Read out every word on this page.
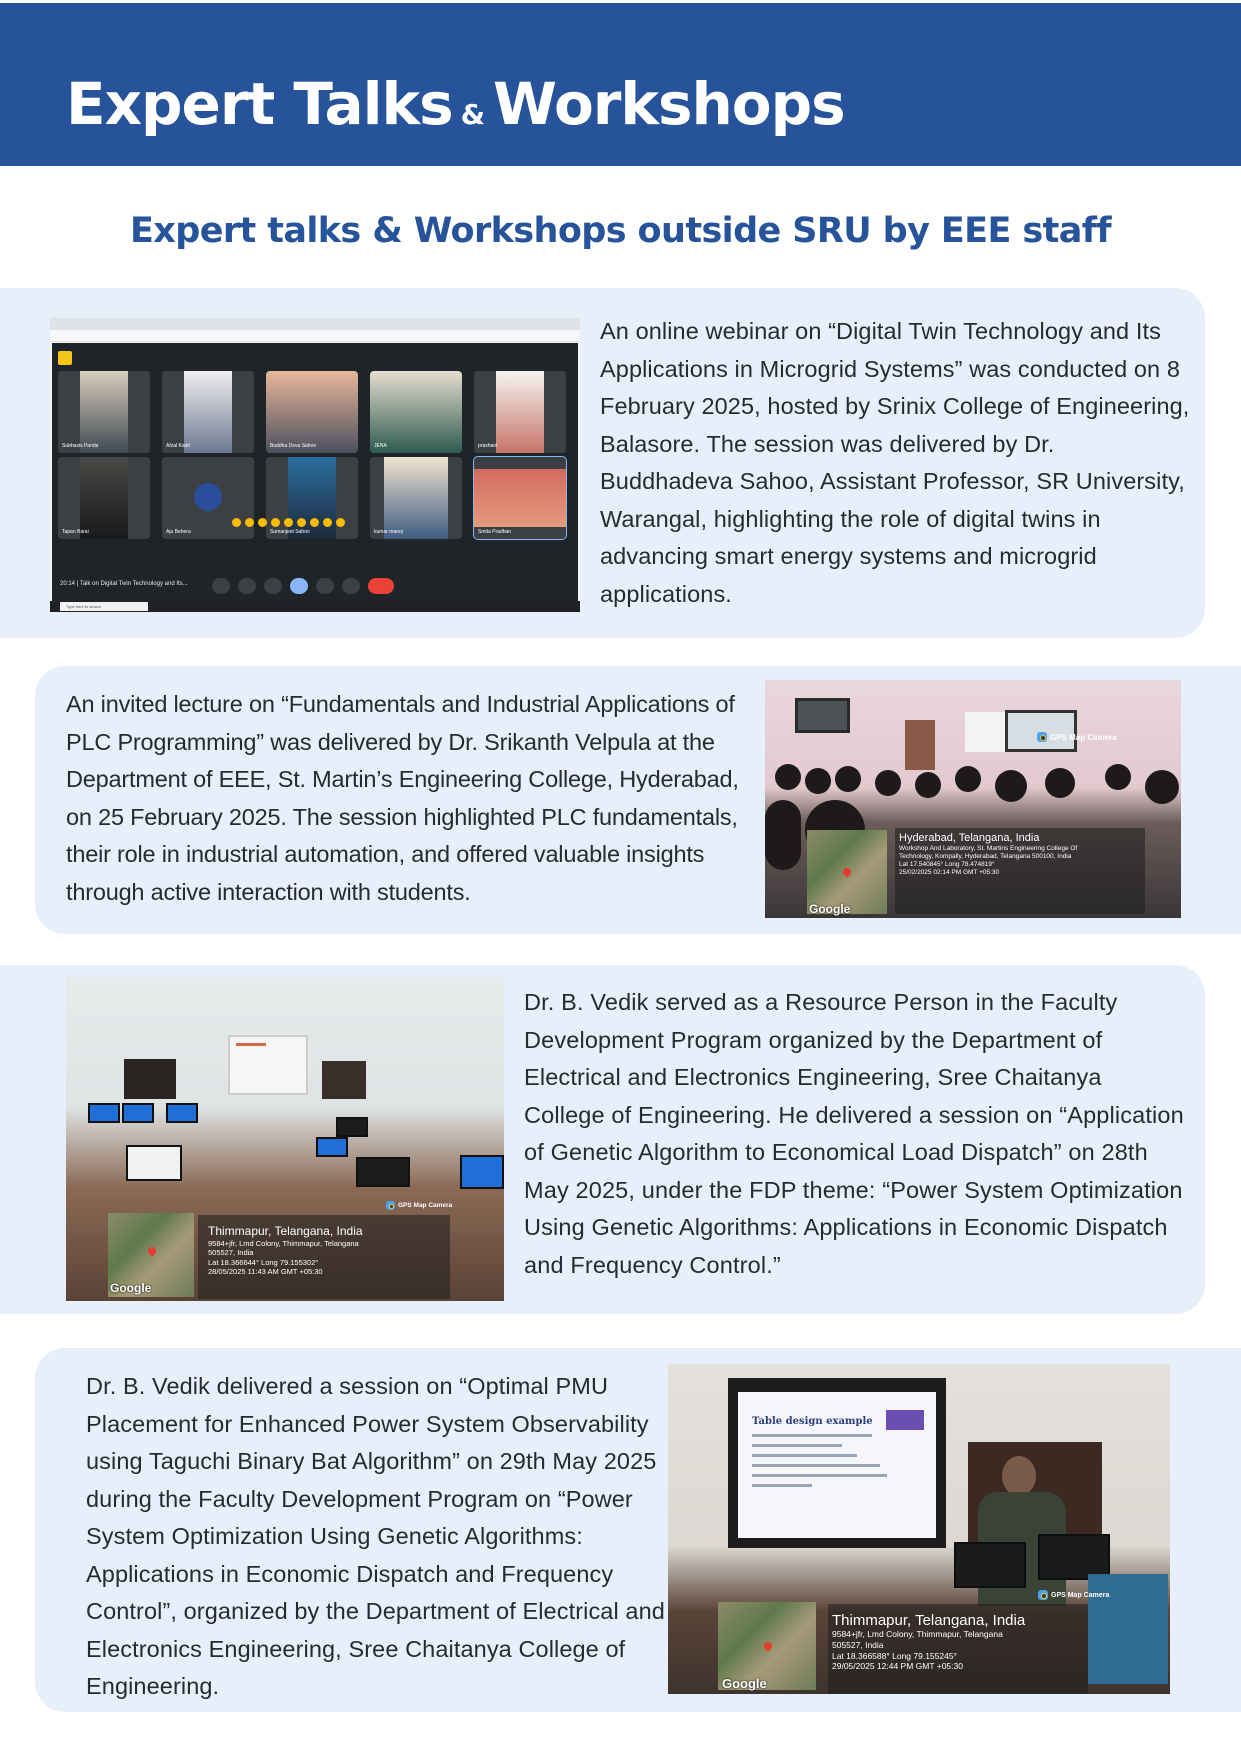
Expert Talks & Workshops
Expert talks & Workshops outside SRU by EEE staff
Subhasis Panda	Afzal Kadri	Buddha Deva Sahoo	JENA	prashant
Tapan Barai	Aju Behera	Sumanjeet Sahoo	kumar manoj	Smita Pradhan
20:14 | Talk on Digital Twin Technology and Its...
Type here to search

An online webinar on “Digital Twin Technology and Its Applications in Microgrid Systems” was conducted on 8 February 2025, hosted by Srinix College of Engineering, Balasore. The session was delivered by Dr. Buddhadeva Sahoo, Assistant Professor, SR University, Warangal, highlighting the role of digital twins in advancing smart energy systems and microgrid applications.

An invited lecture on “Fundamentals and Industrial Applications of PLC Programming” was delivered by Dr. Srikanth Velpula at the Department of EEE, St. Martin’s Engineering College, Hyderabad, on 25 February 2025. The session highlighted PLC fundamentals, their role in industrial automation, and offered valuable insights through active interaction with students.

GPS Map Camera
Google
Hyderabad, Telangana, India
Workshop And Laboratory, St. Martins Engineering College Of
Technology, Kompally, Hyderabad, Telangana 500100, India
Lat 17.540845° Long 78.474819°
25/02/2025 02:14 PM GMT +05:30
GPS Map Camera
Google
Thimmapur, Telangana, India
9584+jfr, Lmd Colony, Thimmapur, Telangana
505527, India
Lat 18.366644° Long 79.155302°
28/05/2025 11:43 AM GMT +05:30

Dr. B. Vedik served as a Resource Person in the Faculty Development Program organized by the Department of Electrical and Electronics Engineering, Sree Chaitanya College of Engineering. He delivered a session on “Application of Genetic Algorithm to Economical Load Dispatch” on 28th May 2025, under the FDP theme: “Power System Optimization Using Genetic Algorithms: Applications in Economic Dispatch and Frequency Control.”

Dr. B. Vedik delivered a session on “Optimal PMU Placement for Enhanced Power System Observability using Taguchi Binary Bat Algorithm” on 29th May 2025 during the Faculty Development Program on “Power System Optimization Using Genetic Algorithms: Applications in Economic Dispatch and Frequency Control”, organized by the Department of Electrical and Electronics Engineering, Sree Chaitanya College of Engineering.

Table design example
GPS Map Camera
Google
Thimmapur, Telangana, India
9584+jfr, Lmd Colony, Thimmapur, Telangana
505527, India
Lat 18.366588° Long 79.155245°
29/05/2025 12:44 PM GMT +05:30
